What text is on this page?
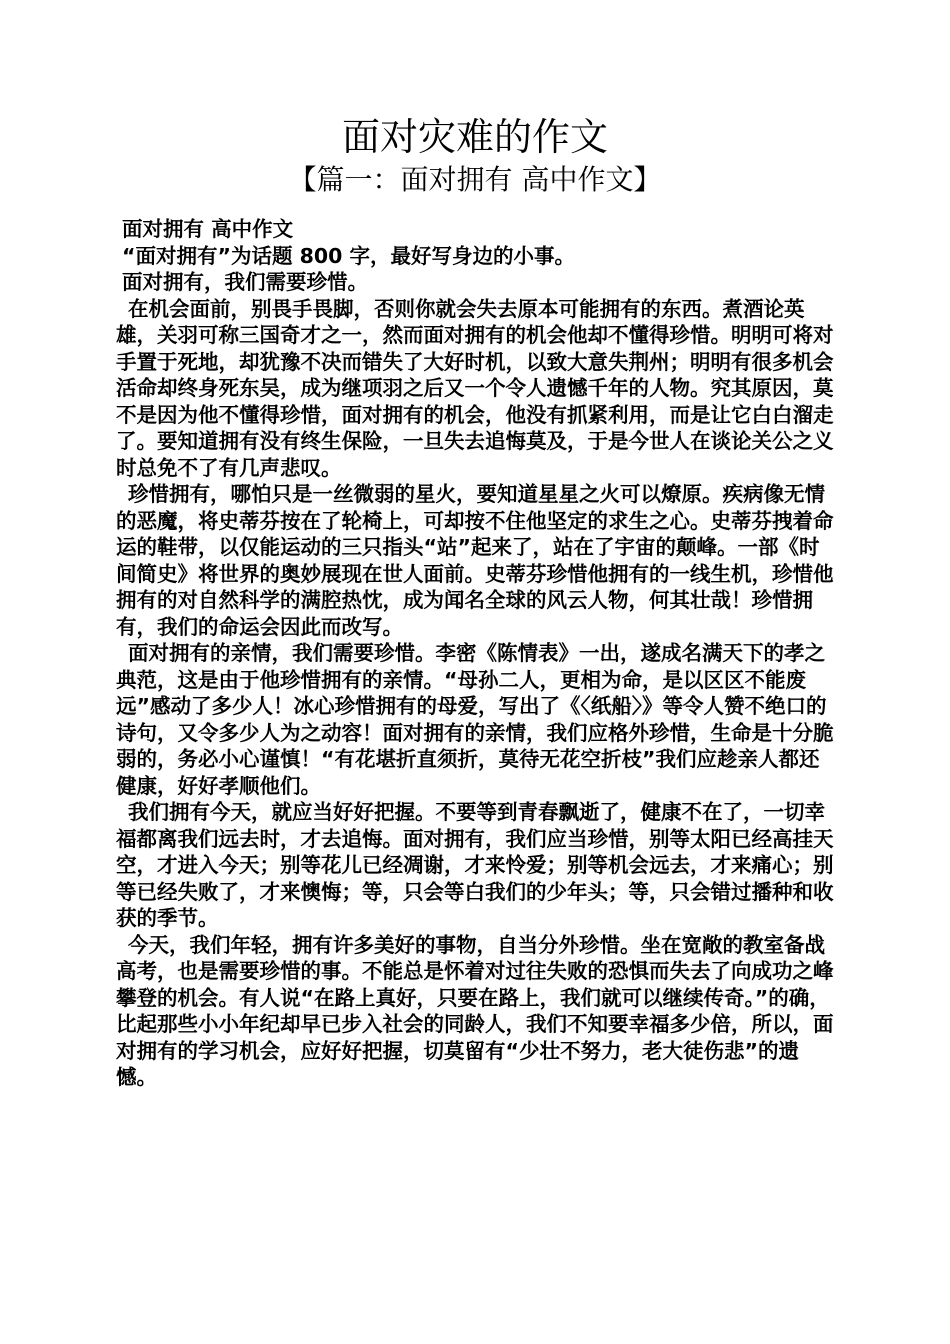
面对灾难的作文
【篇一：面对拥有 高中作文】

面对拥有 高中作文

“面对拥有”为话题 800 字，最好写身边的小事。

面对拥有，我们需要珍惜。

在机会面前，别畏手畏脚，否则你就会失去原本可能拥有的东西。煮酒论英雄，关羽可称三国奇才之一，然而面对拥有的机会他却不懂得珍惜。明明可将对手置于死地，却犹豫不决而错失了大好时机，以致大意失荆州；明明有很多机会活命却终身死东吴，成为继项羽之后又一个令人遗憾千年的人物。究其原因，莫不是因为他不懂得珍惜，面对拥有的机会，他没有抓紧利用，而是让它白白溜走了。要知道拥有没有终生保险，一旦失去追悔莫及，于是今世人在谈论关公之义时总免不了有几声悲叹。

珍惜拥有，哪怕只是一丝微弱的星火，要知道星星之火可以燎原。疾病像无情的恶魔，将史蒂芬按在了轮椅上，可却按不住他坚定的求生之心。史蒂芬拽着命运的鞋带，以仅能运动的三只指头“站”起来了，站在了宇宙的颠峰。一部《时间简史》将世界的奥妙展现在世人面前。史蒂芬珍惜他拥有的一线生机，珍惜他拥有的对自然科学的满腔热忱，成为闻名全球的风云人物，何其壮哉！珍惜拥有，我们的命运会因此而改写。

面对拥有的亲情，我们需要珍惜。李密《陈情表》一出，遂成名满天下的孝之典范，这是由于他珍惜拥有的亲情。“母孙二人，更相为命，是以区区不能废远”感动了多少人！冰心珍惜拥有的母爱，写出了《〈纸船〉》等令人赞不绝口的诗句，又令多少人为之动容！面对拥有的亲情，我们应格外珍惜，生命是十分脆弱的，务必小心谨慎！“有花堪折直须折，莫待无花空折枝”我们应趁亲人都还健康，好好孝顺他们。

我们拥有今天，就应当好好把握。不要等到青春飘逝了，健康不在了，一切幸福都离我们远去时，才去追悔。面对拥有，我们应当珍惜，别等太阳已经高挂天空，才进入今天；别等花儿已经凋谢，才来怜爱；别等机会远去，才来痛心；别等已经失败了，才来懊悔；等，只会等白我们的少年头；等，只会错过播种和收获的季节。

今天，我们年轻，拥有许多美好的事物，自当分外珍惜。坐在宽敞的教室备战高考，也是需要珍惜的事。不能总是怀着对过往失败的恐惧而失去了向成功之峰攀登的机会。有人说“在路上真好，只要在路上，我们就可以继续传奇。”的确，比起那些小小年纪却早已步入社会的同龄人，我们不知要幸福多少倍，所以，面对拥有的学习机会，应好好把握，切莫留有“少壮不努力，老大徒伤悲”的遗憾。
